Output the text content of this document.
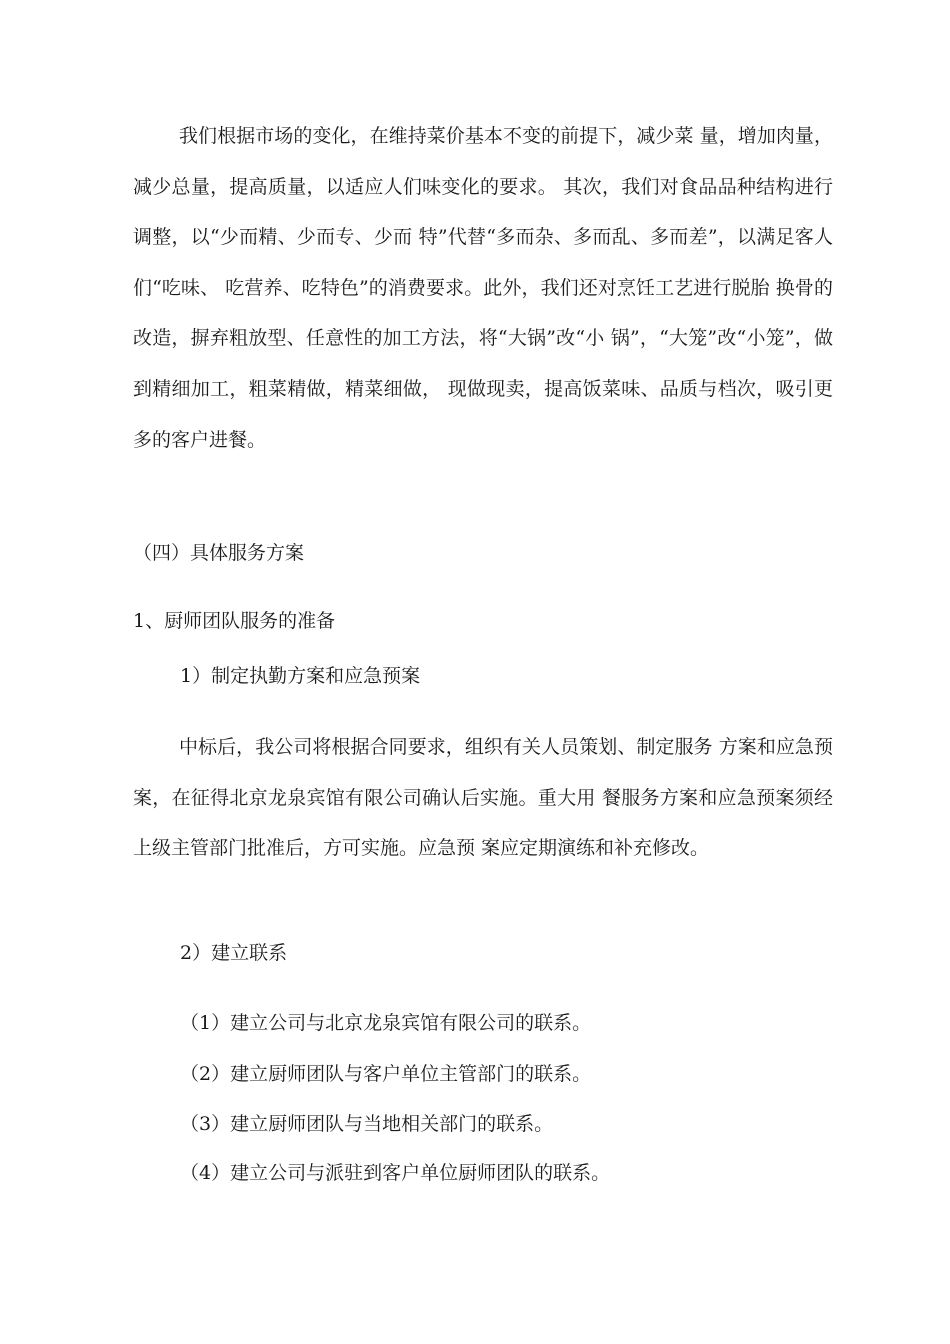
我们根据市场的变化，在维持菜价基本不变的前提下，减少菜 量，增加肉量，减少总量，提高质量，以适应人们味变化的要求。 其次，我们对食品品种结构进行调整，以“少而精、少而专、少而 特”代替“多而杂、多而乱、多而差”，以满足客人们“吃味、 吃营养、吃特色”的消费要求。此外，我们还对烹饪工艺进行脱胎 换骨的改造，摒弃粗放型、任意性的加工方法，将“大锅”改“小 锅”，“大笼”改“小笼”，做到精细加工，粗菜精做，精菜细做， 现做现卖，提高饭菜味、品质与档次，吸引更多的客户进餐。

（四）具体服务方案

1、厨师团队服务的准备

1）制定执勤方案和应急预案

中标后，我公司将根据合同要求，组织有关人员策划、制定服务 方案和应急预案，在征得北京龙泉宾馆有限公司确认后实施。重大用 餐服务方案和应急预案须经上级主管部门批准后，方可实施。应急预 案应定期演练和补充修改。

2）建立联系

（1）建立公司与北京龙泉宾馆有限公司的联系。

（2）建立厨师团队与客户单位主管部门的联系。

（3）建立厨师团队与当地相关部门的联系。

（4）建立公司与派驻到客户单位厨师团队的联系。
